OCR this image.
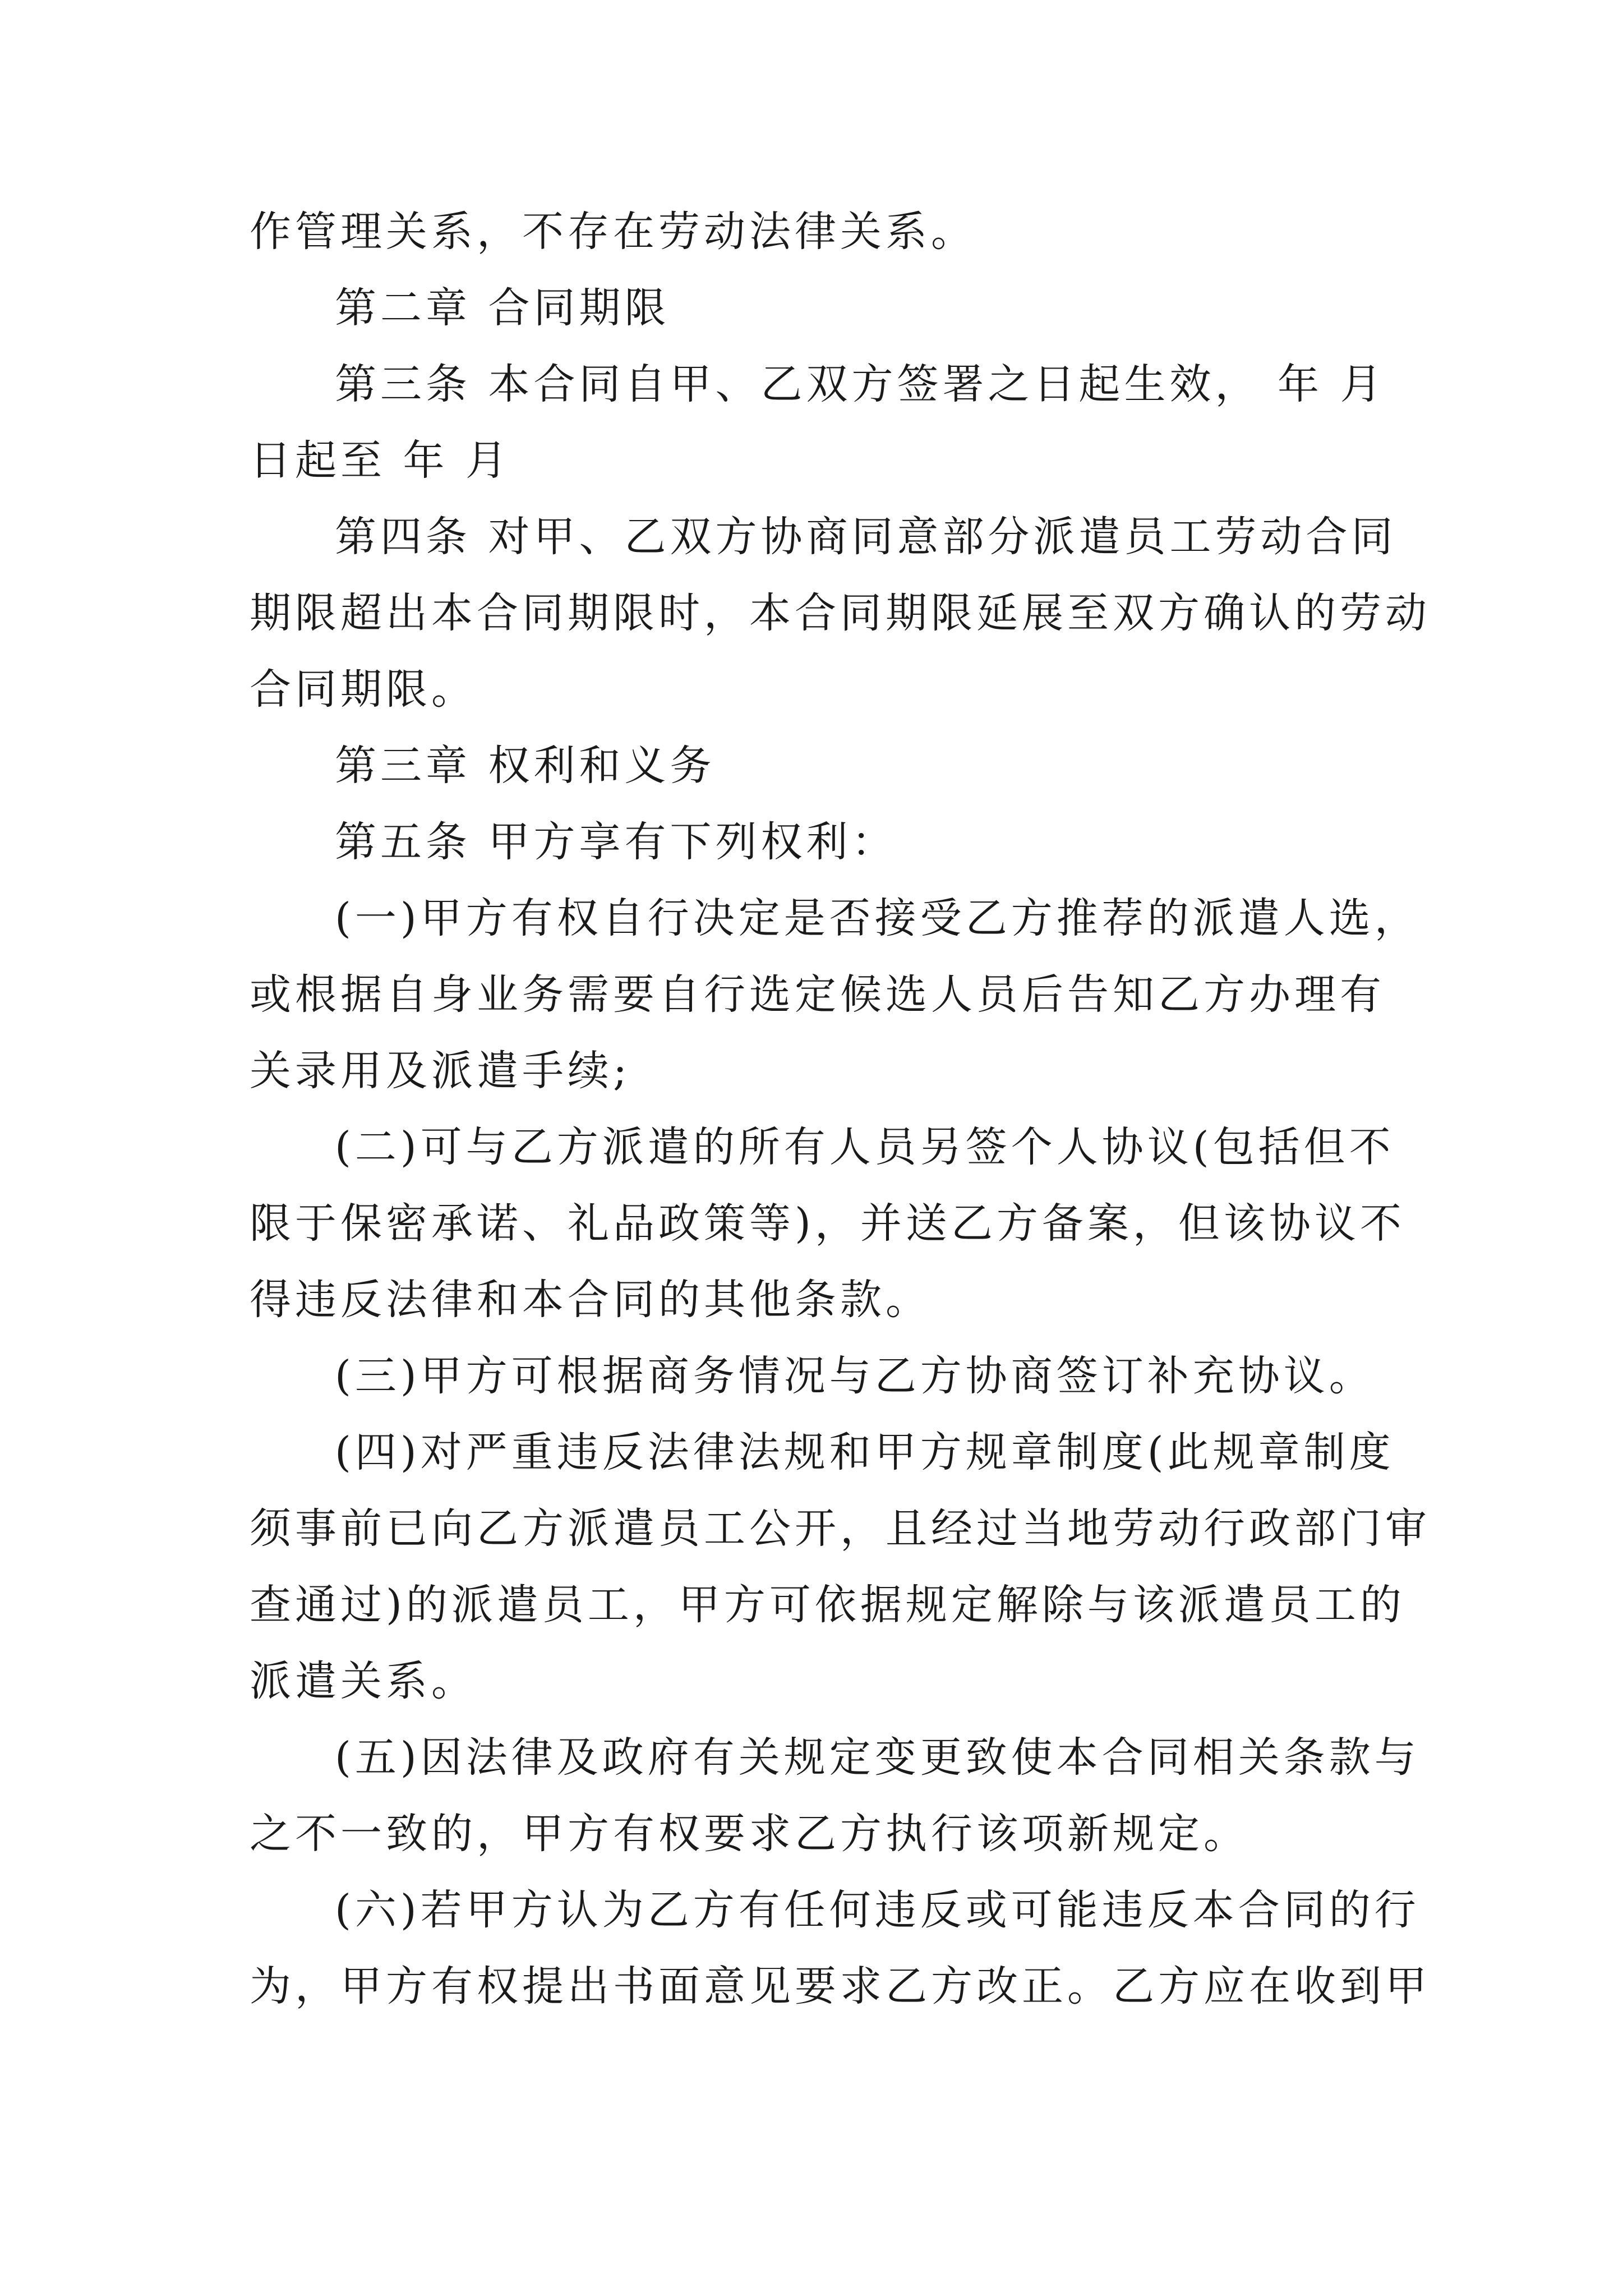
作管理关系，不存在劳动法律关系。
第二章 合同期限
第三条 本合同自甲、乙双方签署之日起生效， 年 月
日起至 年 月
第四条 对甲、乙双方协商同意部分派遣员工劳动合同
期限超出本合同期限时，本合同期限延展至双方确认的劳动
合同期限。
第三章 权利和义务
第五条 甲方享有下列权利：
(一)甲方有权自行决定是否接受乙方推荐的派遣人选，
或根据自身业务需要自行选定候选人员后告知乙方办理有
关录用及派遣手续;
(二)可与乙方派遣的所有人员另签个人协议(包括但不
限于保密承诺、礼品政策等)，并送乙方备案，但该协议不
得违反法律和本合同的其他条款。
(三)甲方可根据商务情况与乙方协商签订补充协议。
(四)对严重违反法律法规和甲方规章制度(此规章制度
须事前已向乙方派遣员工公开，且经过当地劳动行政部门审
查通过)的派遣员工，甲方可依据规定解除与该派遣员工的
派遣关系。
(五)因法律及政府有关规定变更致使本合同相关条款与
之不一致的，甲方有权要求乙方执行该项新规定。
(六)若甲方认为乙方有任何违反或可能违反本合同的行
为，甲方有权提出书面意见要求乙方改正。乙方应在收到甲
